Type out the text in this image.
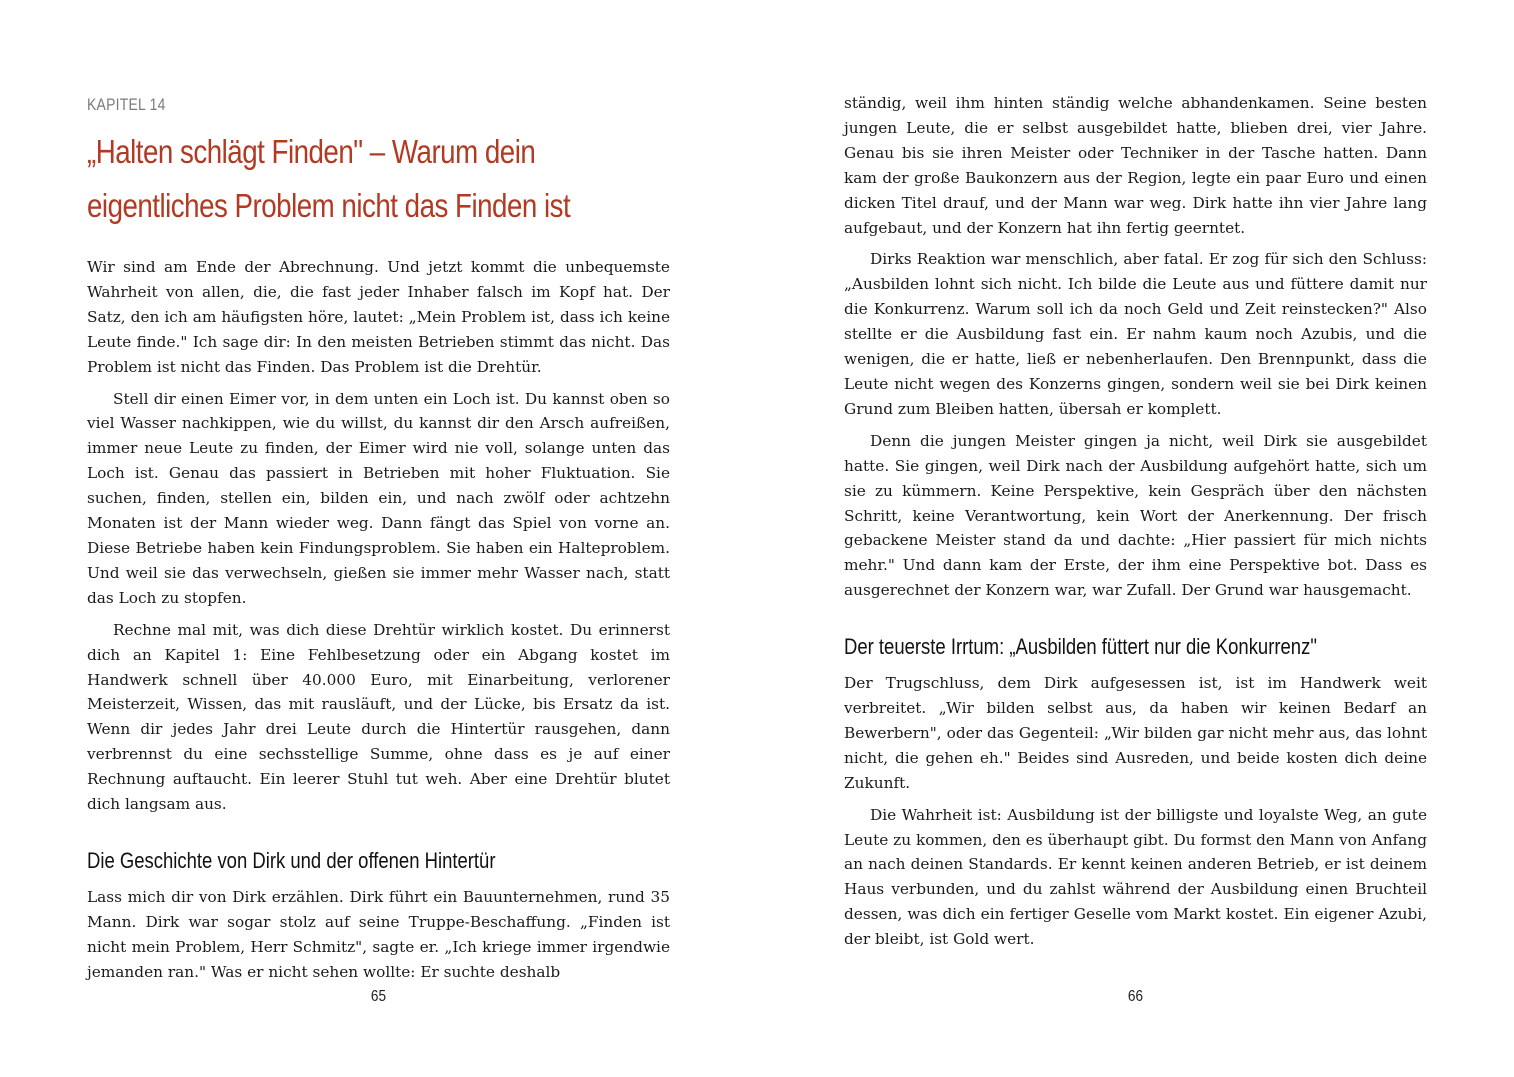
KAPITEL 14
„Halten schlägt Finden" – Warum dein
eigentliches Problem nicht das Finden ist

Wir sind am Ende der Abrechnung. Und jetzt kommt die unbequemste Wahrheit von allen, die, die fast jeder Inhaber falsch im Kopf hat. Der Satz, den ich am häufigsten höre, lautet: „Mein Problem ist, dass ich keine Leute finde." Ich sage dir: In den meisten Betrieben stimmt das nicht. Das Problem ist nicht das Finden. Das Problem ist die Drehtür.

Stell dir einen Eimer vor, in dem unten ein Loch ist. Du kannst oben so viel Wasser nachkippen, wie du willst, du kannst dir den Arsch aufreißen, immer neue Leute zu finden, der Eimer wird nie voll, solange unten das Loch ist. Genau das passiert in Betrieben mit hoher Fluktuation. Sie suchen, finden, stellen ein, bilden ein, und nach zwölf oder achtzehn Monaten ist der Mann wieder weg. Dann fängt das Spiel von vorne an. Diese Betriebe haben kein Findungsproblem. Sie haben ein Halteproblem. Und weil sie das verwechseln, gießen sie immer mehr Wasser nach, statt das Loch zu stopfen.

Rechne mal mit, was dich diese Drehtür wirklich kostet. Du erinnerst dich an Kapitel 1: Eine Fehlbesetzung oder ein Abgang kostet im Handwerk schnell über 40.000 Euro, mit Einarbeitung, verlorener Meisterzeit, Wissen, das mit rausläuft, und der Lücke, bis Ersatz da ist. Wenn dir jedes Jahr drei Leute durch die Hintertür rausgehen, dann verbrennst du eine sechsstellige Summe, ohne dass es je auf einer Rechnung auftaucht. Ein leerer Stuhl tut weh. Aber eine Drehtür blutet dich langsam aus.

Die Geschichte von Dirk und der offenen Hintertür

Lass mich dir von Dirk erzählen. Dirk führt ein Bauunternehmen, rund 35 Mann. Dirk war sogar stolz auf seine Truppe-Beschaffung. „Finden ist nicht mein Problem, Herr Schmitz", sagte er. „Ich kriege immer irgendwie jemanden ran." Was er nicht sehen wollte: Er suchte deshalb

65

ständig, weil ihm hinten ständig welche abhandenkamen. Seine besten jungen Leute, die er selbst ausgebildet hatte, blieben drei, vier Jahre. Genau bis sie ihren Meister oder Techniker in der Tasche hatten. Dann kam der große Baukonzern aus der Region, legte ein paar Euro und einen dicken Titel drauf, und der Mann war weg. Dirk hatte ihn vier Jahre lang aufgebaut, und der Konzern hat ihn fertig geerntet.

Dirks Reaktion war menschlich, aber fatal. Er zog für sich den Schluss: „Ausbilden lohnt sich nicht. Ich bilde die Leute aus und füttere damit nur die Konkurrenz. Warum soll ich da noch Geld und Zeit reinstecken?" Also stellte er die Ausbildung fast ein. Er nahm kaum noch Azubis, und die wenigen, die er hatte, ließ er nebenherlaufen. Den Brennpunkt, dass die Leute nicht wegen des Konzerns gingen, sondern weil sie bei Dirk keinen Grund zum Bleiben hatten, übersah er komplett.

Denn die jungen Meister gingen ja nicht, weil Dirk sie ausgebildet hatte. Sie gingen, weil Dirk nach der Ausbildung aufgehört hatte, sich um sie zu kümmern. Keine Perspektive, kein Gespräch über den nächsten Schritt, keine Verantwortung, kein Wort der Anerkennung. Der frisch gebackene Meister stand da und dachte: „Hier passiert für mich nichts mehr." Und dann kam der Erste, der ihm eine Perspektive bot. Dass es ausgerechnet der Konzern war, war Zufall. Der Grund war hausgemacht.

Der teuerste Irrtum: „Ausbilden füttert nur die Konkurrenz"

Der Trugschluss, dem Dirk aufgesessen ist, ist im Handwerk weit verbreitet. „Wir bilden selbst aus, da haben wir keinen Bedarf an Bewerbern", oder das Gegenteil: „Wir bilden gar nicht mehr aus, das lohnt nicht, die gehen eh." Beides sind Ausreden, und beide kosten dich deine Zukunft.

Die Wahrheit ist: Ausbildung ist der billigste und loyalste Weg, an gute Leute zu kommen, den es überhaupt gibt. Du formst den Mann von Anfang an nach deinen Standards. Er kennt keinen anderen Betrieb, er ist deinem Haus verbunden, und du zahlst während der Ausbildung einen Bruchteil dessen, was dich ein fertiger Geselle vom Markt kostet. Ein eigener Azubi, der bleibt, ist Gold wert.

66
